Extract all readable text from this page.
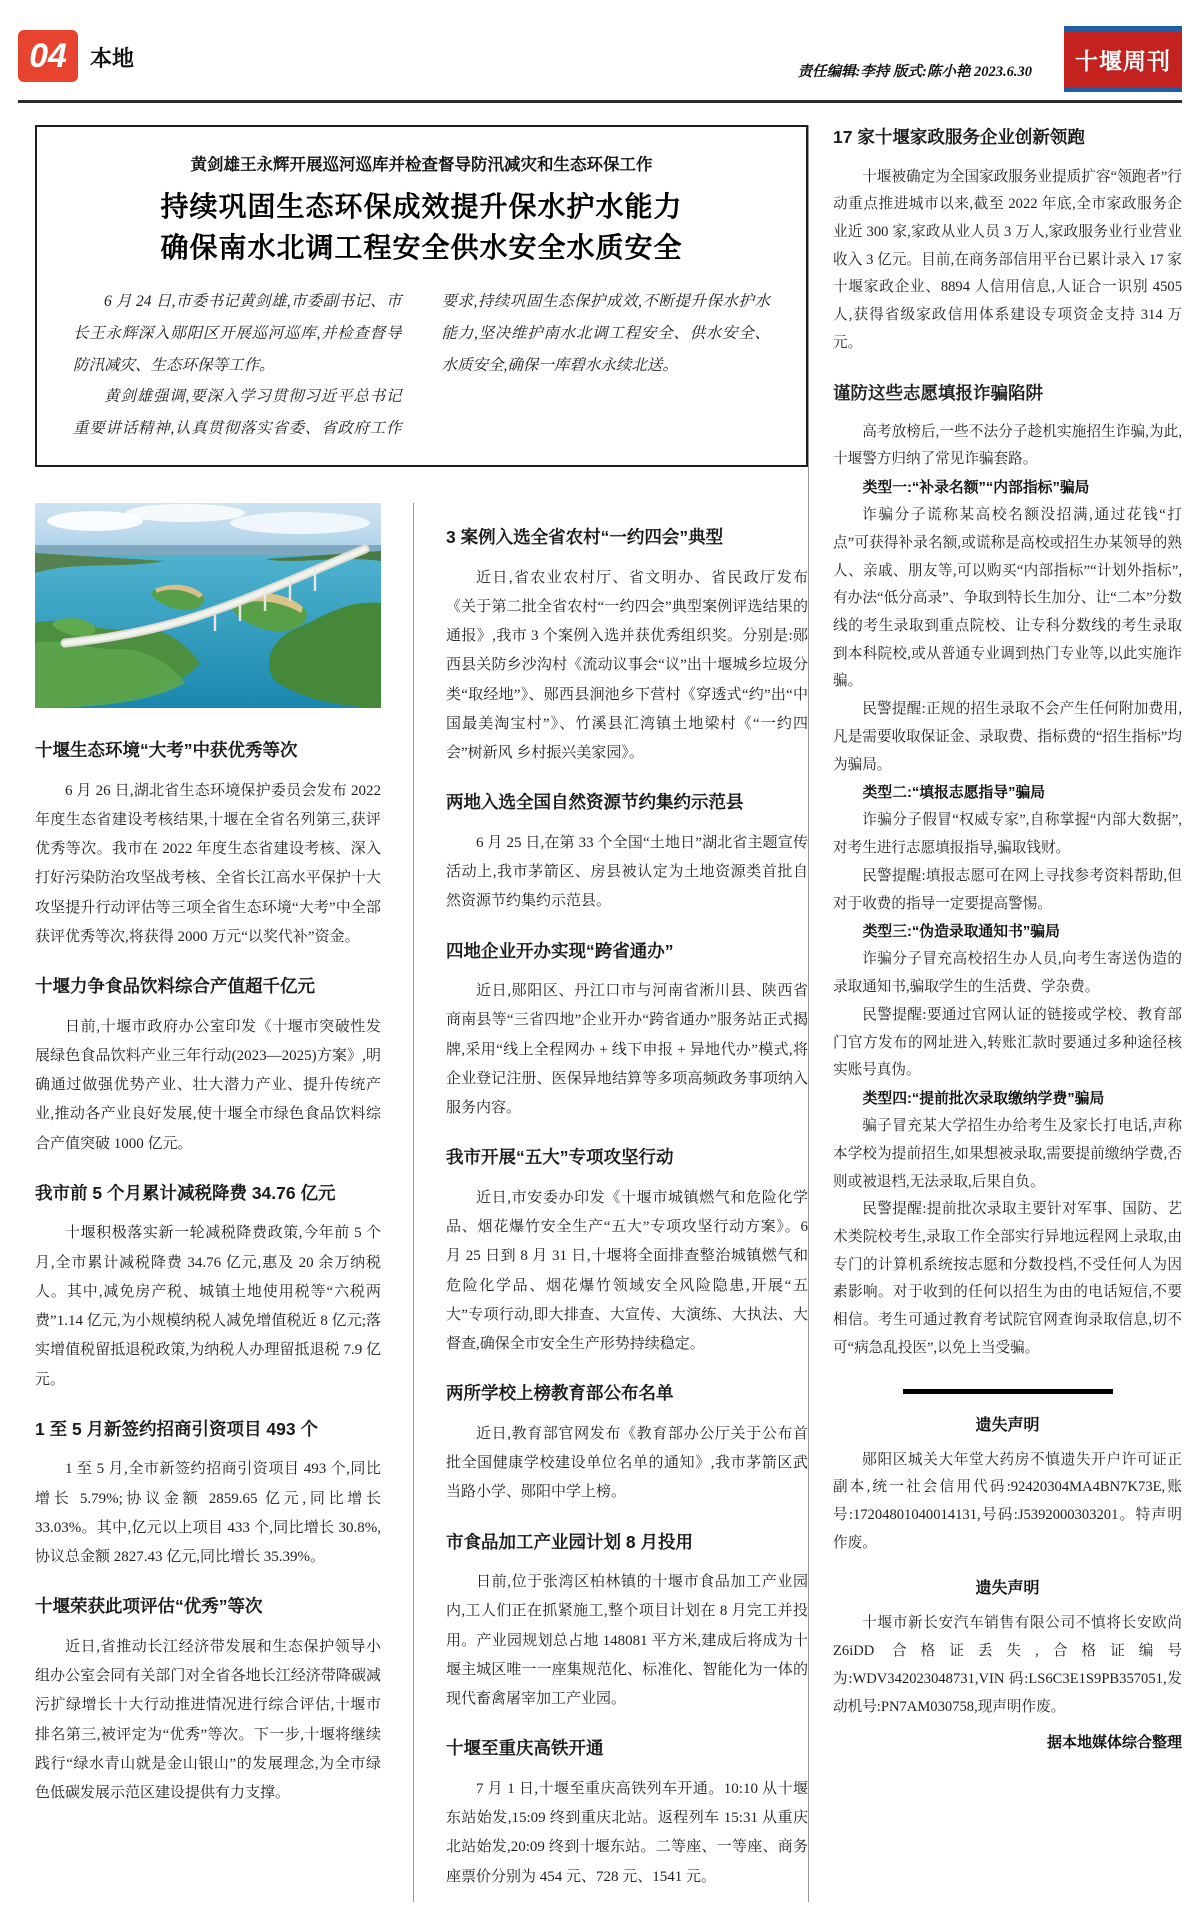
04 本地
责任编辑:李持 版式:陈小艳 2023.6.30 十堰周刊
黄剑雄王永辉开展巡河巡库并检查督导防汛减灾和生态环保工作
持续巩固生态环保成效提升保水护水能力
确保南水北调工程安全供水安全水质安全

6 月 24 日,市委书记黄剑雄,市委副书记、市长王永辉深入郧阳区开展巡河巡库,并检查督导防汛减灾、生态环保等工作。

黄剑雄强调,要深入学习贯彻习近平总书记重要讲话精神,认真贯彻落实省委、省政府工作要求,持续巩固生态保护成效,不断提升保水护水能力,坚决维护南水北调工程安全、供水安全、水质安全,确保一库碧水永续北送。

十堰生态环境“大考”中获优秀等次

6 月 26 日,湖北省生态环境保护委员会发布 2022 年度生态省建设考核结果,十堰在全省名列第三,获评优秀等次。我市在 2022 年度生态省建设考核、深入打好污染防治攻坚战考核、全省长江高水平保护十大攻坚提升行动评估等三项全省生态环境“大考”中全部获评优秀等次,将获得 2000 万元“以奖代补”资金。

十堰力争食品饮料综合产值超千亿元

日前,十堰市政府办公室印发《十堰市突破性发展绿色食品饮料产业三年行动(2023—2025)方案》,明确通过做强优势产业、壮大潜力产业、提升传统产业,推动各产业良好发展,使十堰全市绿色食品饮料综合产值突破 1000 亿元。

我市前 5 个月累计减税降费 34.76 亿元

十堰积极落实新一轮减税降费政策,今年前 5 个月,全市累计减税降费 34.76 亿元,惠及 20 余万纳税人。其中,减免房产税、城镇土地使用税等“六税两费”1.14 亿元,为小规模纳税人减免增值税近 8 亿元;落实增值税留抵退税政策,为纳税人办理留抵退税 7.9 亿元。

1 至 5 月新签约招商引资项目 493 个

1 至 5 月,全市新签约招商引资项目 493 个,同比增长 5.79%;协议金额 2859.65 亿元,同比增长 33.03%。其中,亿元以上项目 433 个,同比增长 30.8%,协议总金额 2827.43 亿元,同比增长 35.39%。

十堰荣获此项评估“优秀”等次

近日,省推动长江经济带发展和生态保护领导小组办公室会同有关部门对全省各地长江经济带降碳减污扩绿增长十大行动推进情况进行综合评估,十堰市排名第三,被评定为“优秀”等次。下一步,十堰将继续践行“绿水青山就是金山银山”的发展理念,为全市绿色低碳发展示范区建设提供有力支撑。

3 案例入选全省农村“一约四会”典型

近日,省农业农村厅、省文明办、省民政厅发布《关于第二批全省农村“一约四会”典型案例评选结果的通报》,我市 3 个案例入选并获优秀组织奖。分别是:郧西县关防乡沙沟村《流动议事会“议”出十堰城乡垃圾分类“取经地”》、郧西县涧池乡下营村《穿透式“约”出“中国最美淘宝村”》、竹溪县汇湾镇土地梁村《“一约四会”树新风 乡村振兴美家园》。

两地入选全国自然资源节约集约示范县

6 月 25 日,在第 33 个全国“土地日”湖北省主题宣传活动上,我市茅箭区、房县被认定为土地资源类首批自然资源节约集约示范县。

四地企业开办实现“跨省通办”

近日,郧阳区、丹江口市与河南省淅川县、陕西省商南县等“三省四地”企业开办“跨省通办”服务站正式揭牌,采用“线上全程网办 + 线下申报 + 异地代办”模式,将企业登记注册、医保异地结算等多项高频政务事项纳入服务内容。

我市开展“五大”专项攻坚行动

近日,市安委办印发《十堰市城镇燃气和危险化学品、烟花爆竹安全生产“五大”专项攻坚行动方案》。6 月 25 日到 8 月 31 日,十堰将全面排查整治城镇燃气和危险化学品、烟花爆竹领域安全风险隐患,开展“五大”专项行动,即大排查、大宣传、大演练、大执法、大督查,确保全市安全生产形势持续稳定。

两所学校上榜教育部公布名单

近日,教育部官网发布《教育部办公厅关于公布首批全国健康学校建设单位名单的通知》,我市茅箭区武当路小学、郧阳中学上榜。

市食品加工产业园计划 8 月投用

日前,位于张湾区柏林镇的十堰市食品加工产业园内,工人们正在抓紧施工,整个项目计划在 8 月完工并投用。产业园规划总占地 148081 平方米,建成后将成为十堰主城区唯一一座集规范化、标准化、智能化为一体的现代畜禽屠宰加工产业园。

十堰至重庆高铁开通

7 月 1 日,十堰至重庆高铁列车开通。10:10 从十堰东站始发,15:09 终到重庆北站。返程列车 15:31 从重庆北站始发,20:09 终到十堰东站。二等座、一等座、商务座票价分别为 454 元、728 元、1541 元。

17 家十堰家政服务企业创新领跑

十堰被确定为全国家政服务业提质扩容“领跑者”行动重点推进城市以来,截至 2022 年底,全市家政服务企业近 300 家,家政从业人员 3 万人,家政服务业行业营业收入 3 亿元。目前,在商务部信用平台已累计录入 17 家十堰家政企业、8894 人信用信息,人证合一识别 4505 人,获得省级家政信用体系建设专项资金支持 314 万元。

谨防这些志愿填报诈骗陷阱

高考放榜后,一些不法分子趁机实施招生诈骗,为此,十堰警方归纳了常见诈骗套路。

类型一:“补录名额”“内部指标”骗局

诈骗分子谎称某高校名额没招满,通过花钱“打点”可获得补录名额,或谎称是高校或招生办某领导的熟人、亲戚、朋友等,可以购买“内部指标”“计划外指标”,有办法“低分高录”、争取到特长生加分、让“二本”分数线的考生录取到重点院校、让专科分数线的考生录取到本科院校,或从普通专业调到热门专业等,以此实施诈骗。

民警提醒:正规的招生录取不会产生任何附加费用,凡是需要收取保证金、录取费、指标费的“招生指标”均为骗局。

类型二:“填报志愿指导”骗局

诈骗分子假冒“权威专家”,自称掌握“内部大数据”,对考生进行志愿填报指导,骗取钱财。

民警提醒:填报志愿可在网上寻找参考资料帮助,但对于收费的指导一定要提高警惕。

类型三:“伪造录取通知书”骗局

诈骗分子冒充高校招生办人员,向考生寄送伪造的录取通知书,骗取学生的生活费、学杂费。

民警提醒:要通过官网认证的链接或学校、教育部门官方发布的网址进入,转账汇款时要通过多种途径核实账号真伪。

类型四:“提前批次录取缴纳学费”骗局

骗子冒充某大学招生办给考生及家长打电话,声称本学校为提前招生,如果想被录取,需要提前缴纳学费,否则或被退档,无法录取,后果自负。

民警提醒:提前批次录取主要针对军事、国防、艺术类院校考生,录取工作全部实行异地远程网上录取,由专门的计算机系统按志愿和分数投档,不受任何人为因素影响。对于收到的任何以招生为由的电话短信,不要相信。考生可通过教育考试院官网查询录取信息,切不可“病急乱投医”,以免上当受骗。

遗失声明

郧阳区城关大年堂大药房不慎遗失开户许可证正副本,统一社会信用代码:92420304MA4BN7K73E,账号:17204801040014131,号码:J5392000303201。特声明作废。

遗失声明

十堰市新长安汽车销售有限公司不慎将长安欧尚 Z6iDD 合格证丢失,合格证编号为:WDV342023048731,VIN 码:LS6C3E1S9PB357051,发动机号:PN7AM030758,现声明作废。

据本地媒体综合整理
